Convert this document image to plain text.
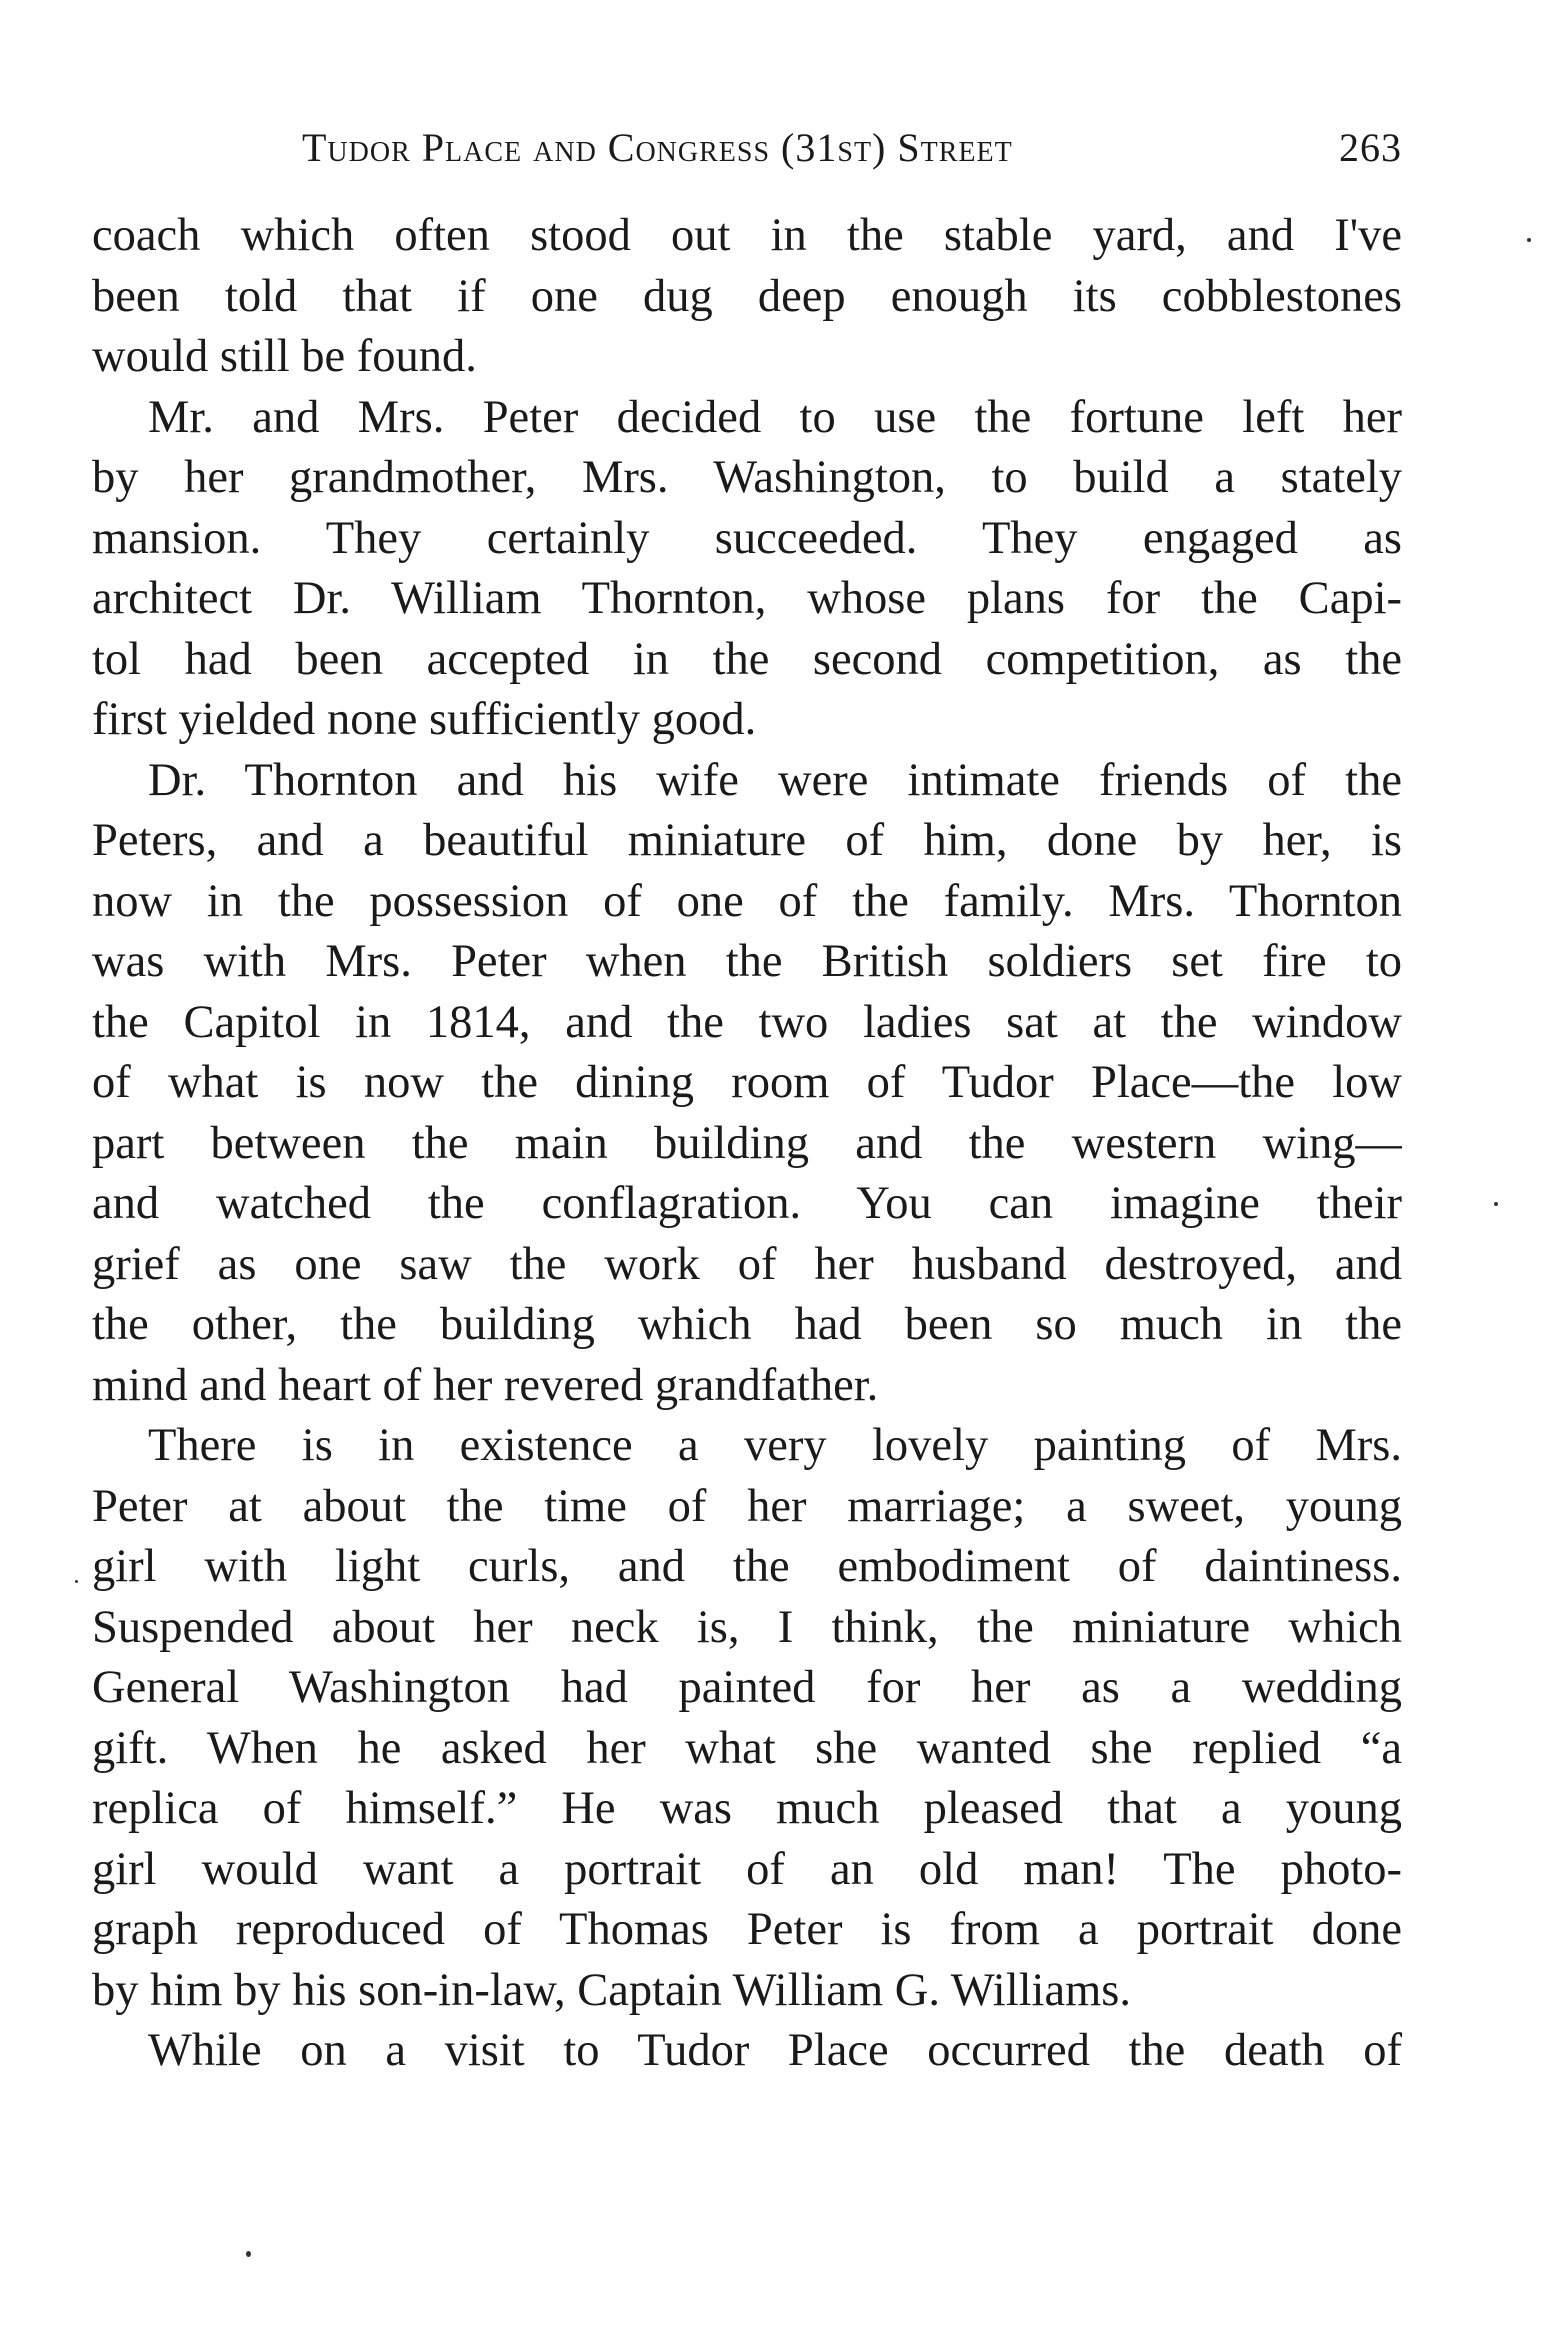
Tudor Place and Congress (31st) Street	263
coach which often stood out in the stable yard, and I've
been told that if one dug deep enough its cobblestones
would still be found.
Mr. and Mrs. Peter decided to use the fortune left her
by her grandmother, Mrs. Washington, to build a stately
mansion. They certainly succeeded. They engaged as
architect Dr. William Thornton, whose plans for the Capi-
tol had been accepted in the second competition, as the
first yielded none sufficiently good.
Dr. Thornton and his wife were intimate friends of the
Peters, and a beautiful miniature of him, done by her, is
now in the possession of one of the family. Mrs. Thornton
was with Mrs. Peter when the British soldiers set fire to
the Capitol in 1814, and the two ladies sat at the window
of what is now the dining room of Tudor Place—the low
part between the main building and the western wing—
and watched the conflagration. You can imagine their
grief as one saw the work of her husband destroyed, and
the other, the building which had been so much in the
mind and heart of her revered grandfather.
There is in existence a very lovely painting of Mrs.
Peter at about the time of her marriage; a sweet, young
girl with light curls, and the embodiment of daintiness.
Suspended about her neck is, I think, the miniature which
General Washington had painted for her as a wedding
gift. When he asked her what she wanted she replied “a
replica of himself.” He was much pleased that a young
girl would want a portrait of an old man! The photo-
graph reproduced of Thomas Peter is from a portrait done
by him by his son-in-law, Captain William G. Williams.
While on a visit to Tudor Place occurred the death of
